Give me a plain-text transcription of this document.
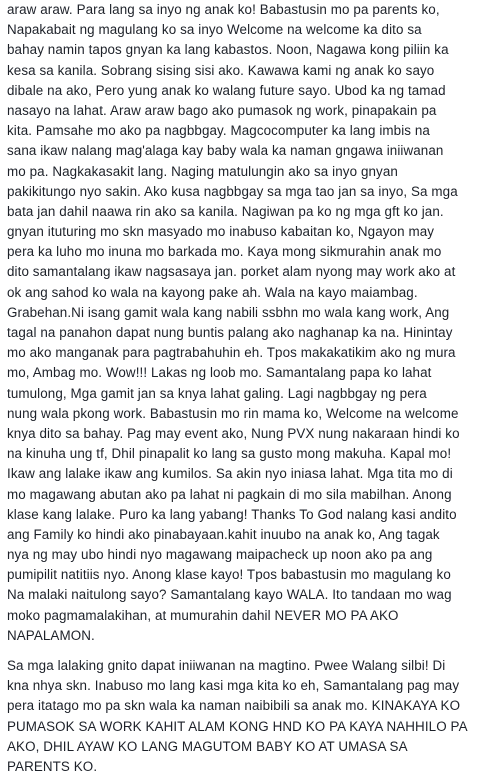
araw araw. Para lang sa inyo ng anak ko! Babastusin mo pa parents ko,
Napakabait ng magulang ko sa inyo Welcome na welcome ka dito sa
bahay namin tapos gnyan ka lang kabastos. Noon, Nagawa kong piliin ka
kesa sa kanila. Sobrang sising sisi ako. Kawawa kami ng anak ko sayo
dibale na ako, Pero yung anak ko walang future sayo. Ubod ka ng tamad
nasayo na lahat. Araw araw bago ako pumasok ng work, pinapakain pa
kita. Pamsahe mo ako pa nagbbgay. Magcocomputer ka lang imbis na
sana ikaw nalang mag'alaga kay baby wala ka naman gngawa iniiwanan
mo pa. Nagkakasakit lang. Naging matulungin ako sa inyo gnyan
pakikitungo nyo sakin. Ako kusa nagbbgay sa mga tao jan sa inyo, Sa mga
bata jan dahil naawa rin ako sa kanila. Nagiwan pa ko ng mga gft ko jan.
gnyan ituturing mo skn masyado mo inabuso kabaitan ko, Ngayon may
pera ka luho mo inuna mo barkada mo. Kaya mong sikmurahin anak mo
dito samantalang ikaw nagsasaya jan. porket alam nyong may work ako at
ok ang sahod ko wala na kayong pake ah. Wala na kayo maiambag.
Grabehan.Ni isang gamit wala kang nabili ssbhn mo wala kang work, Ang
tagal na panahon dapat nung buntis palang ako naghanap ka na. Hinintay
mo ako manganak para pagtrabahuhin eh. Tpos makakatikim ako ng mura
mo, Ambag mo. Wow!!! Lakas ng loob mo. Samantalang papa ko lahat
tumulong, Mga gamit jan sa knya lahat galing. Lagi nagbbgay ng pera
nung wala pkong work. Babastusin mo rin mama ko, Welcome na welcome
knya dito sa bahay. Pag may event ako, Nung PVX nung nakaraan hindi ko
na kinuha ung tf, Dhil pinapalit ko lang sa gusto mong makuha. Kapal mo!
Ikaw ang lalake ikaw ang kumilos. Sa akin nyo iniasa lahat. Mga tita mo di
mo magawang abutan ako pa lahat ni pagkain di mo sila mabilhan. Anong
klase kang lalake. Puro ka lang yabang! Thanks To God nalang kasi andito
ang Family ko hindi ako pinabayaan.kahit inuubo na anak ko, Ang tagak
nya ng may ubo hindi nyo magawang maipacheck up noon ako pa ang
pumipilit natitiis nyo. Anong klase kayo! Tpos babastusin mo magulang ko
Na malaki naitulong sayo? Samantalang kayo WALA. Ito tandaan mo wag
moko pagmamalakihan, at mumurahin dahil NEVER MO PA AKO
NAPALAMON.

Sa mga lalaking gnito dapat iniiwanan na magtino. Pwee Walang silbi! Di
kna nhya skn. Inabuso mo lang kasi mga kita ko eh, Samantalang pag may
pera itatago mo pa skn wala ka naman naibibili sa anak mo. KINAKAYA KO
PUMASOK SA WORK KAHIT ALAM KONG HND KO PA KAYA NAHHILO PA
AKO, DHIL AYAW KO LANG MAGUTOM BABY KO AT UMASA SA
PARENTS KO.
